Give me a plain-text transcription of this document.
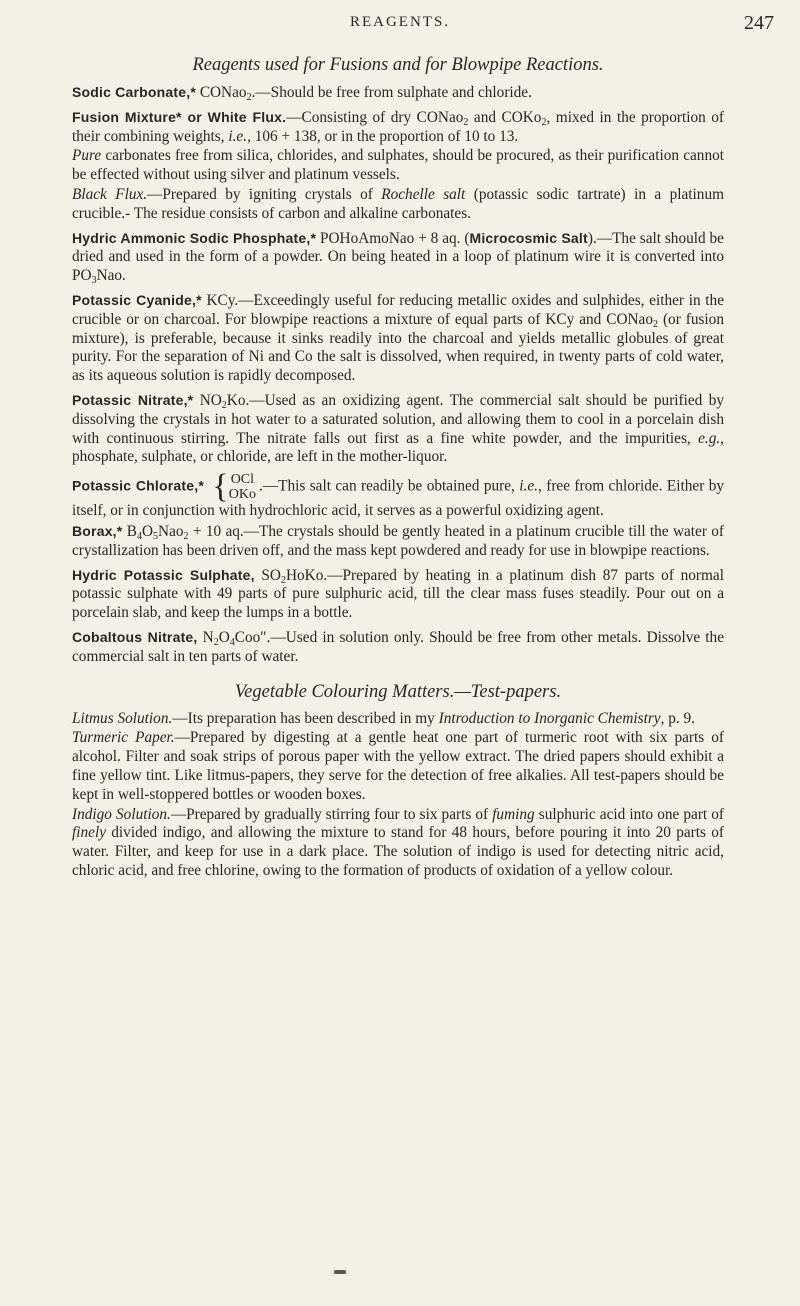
REAGENTS.	247
Reagents used for Fusions and for Blowpipe Reactions.

Sodic Carbonate,* CONao$_2$.—Should be free from sulphate and chloride.

Fusion Mixture* or White Flux.—Consisting of dry CONao$_2$ and COKo$_2$, mixed in the proportion of their combining weights, i.e., 106 + 138, or in the proportion of 10 to 13.

Pure carbonates free from silica, chlorides, and sulphates, should be procured, as their purification cannot be effected without using silver and platinum vessels.

Black Flux.—Prepared by igniting crystals of Rochelle salt (potassic sodic tartrate) in a platinum crucible.- The residue consists of carbon and alkaline carbonates.

Hydric Ammonic Sodic Phosphate,* POHoAmoNao + 8 aq. (Microcosmic Salt).—The salt should be dried and used in the form of a powder. On being heated in a loop of platinum wire it is converted into $PO_3Nao$.

Potassic Cyanide,* KCy.—Exceedingly useful for reducing metallic oxides and sulphides, either in the crucible or on charcoal. For blowpipe reactions a mixture of equal parts of KCy and CONao$_2$ (or fusion mixture), is preferable, because it sinks readily into the charcoal and yields metallic globules of great purity. For the separation of Ni and Co the salt is dissolved, when required, in twenty parts of cold water, as its aqueous solution is rapidly decomposed.

Potassic Nitrate,* $NO_2Ko.—Used$ as an oxidizing agent. The commercial salt should be purified by dissolving the crystals in hot water to a saturated solution, and allowing them to cool in a porcelain dish with continuous stirring. The nitrate falls out first as a fine white powder, and the impurities, e.g., phosphate, sulphate, or chloride, are left in the mother-liquor.

Potassic Chlorate,* { OCl
OKo .—This salt can readily be obtained pure, i.e., free from chloride. Either by itself, or in conjunction with hydrochloric acid, it serves as a powerful oxidizing agent.

Borax,* $B_4O_5Nao_2 + 10$ aq.—The crystals should be gently heated in a platinum crucible till the water of crystallization has been driven off, and the mass kept powdered and ready for use in blowpipe reactions.

Hydric Potassic Sulphate, $SO_2HoKo.—Prepared$ by heating in a platinum dish 87 parts of normal potassic sulphate with 49 parts of pure sulphuric acid, till the clear mass fuses steadily. Pour out on a porcelain slab, and keep the lumps in a bottle.

Cobaltous Nitrate, $N_2O_4Coo''.—Used$ in solution only. Should be free from other metals. Dissolve the commercial salt in ten parts of water.

Vegetable Colouring Matters.—Test-papers.

Litmus Solution.—Its preparation has been described in my Introduction to Inorganic Chemistry, p. 9.

Turmeric Paper.—Prepared by digesting at a gentle heat one part of turmeric root with six parts of alcohol. Filter and soak strips of porous paper with the yellow extract. The dried papers should exhibit a fine yellow tint. Like litmus-papers, they serve for the detection of free alkalies. All test-papers should be kept in well-stoppered bottles or wooden boxes.

Indigo Solution.—Prepared by gradually stirring four to six parts of fuming sulphuric acid into one part of finely divided indigo, and allowing the mixture to stand for 48 hours, before pouring it into 20 parts of water. Filter, and keep for use in a dark place. The solution of indigo is used for detecting nitric acid, chloric acid, and free chlorine, owing to the formation of products of oxidation of a yellow colour.
